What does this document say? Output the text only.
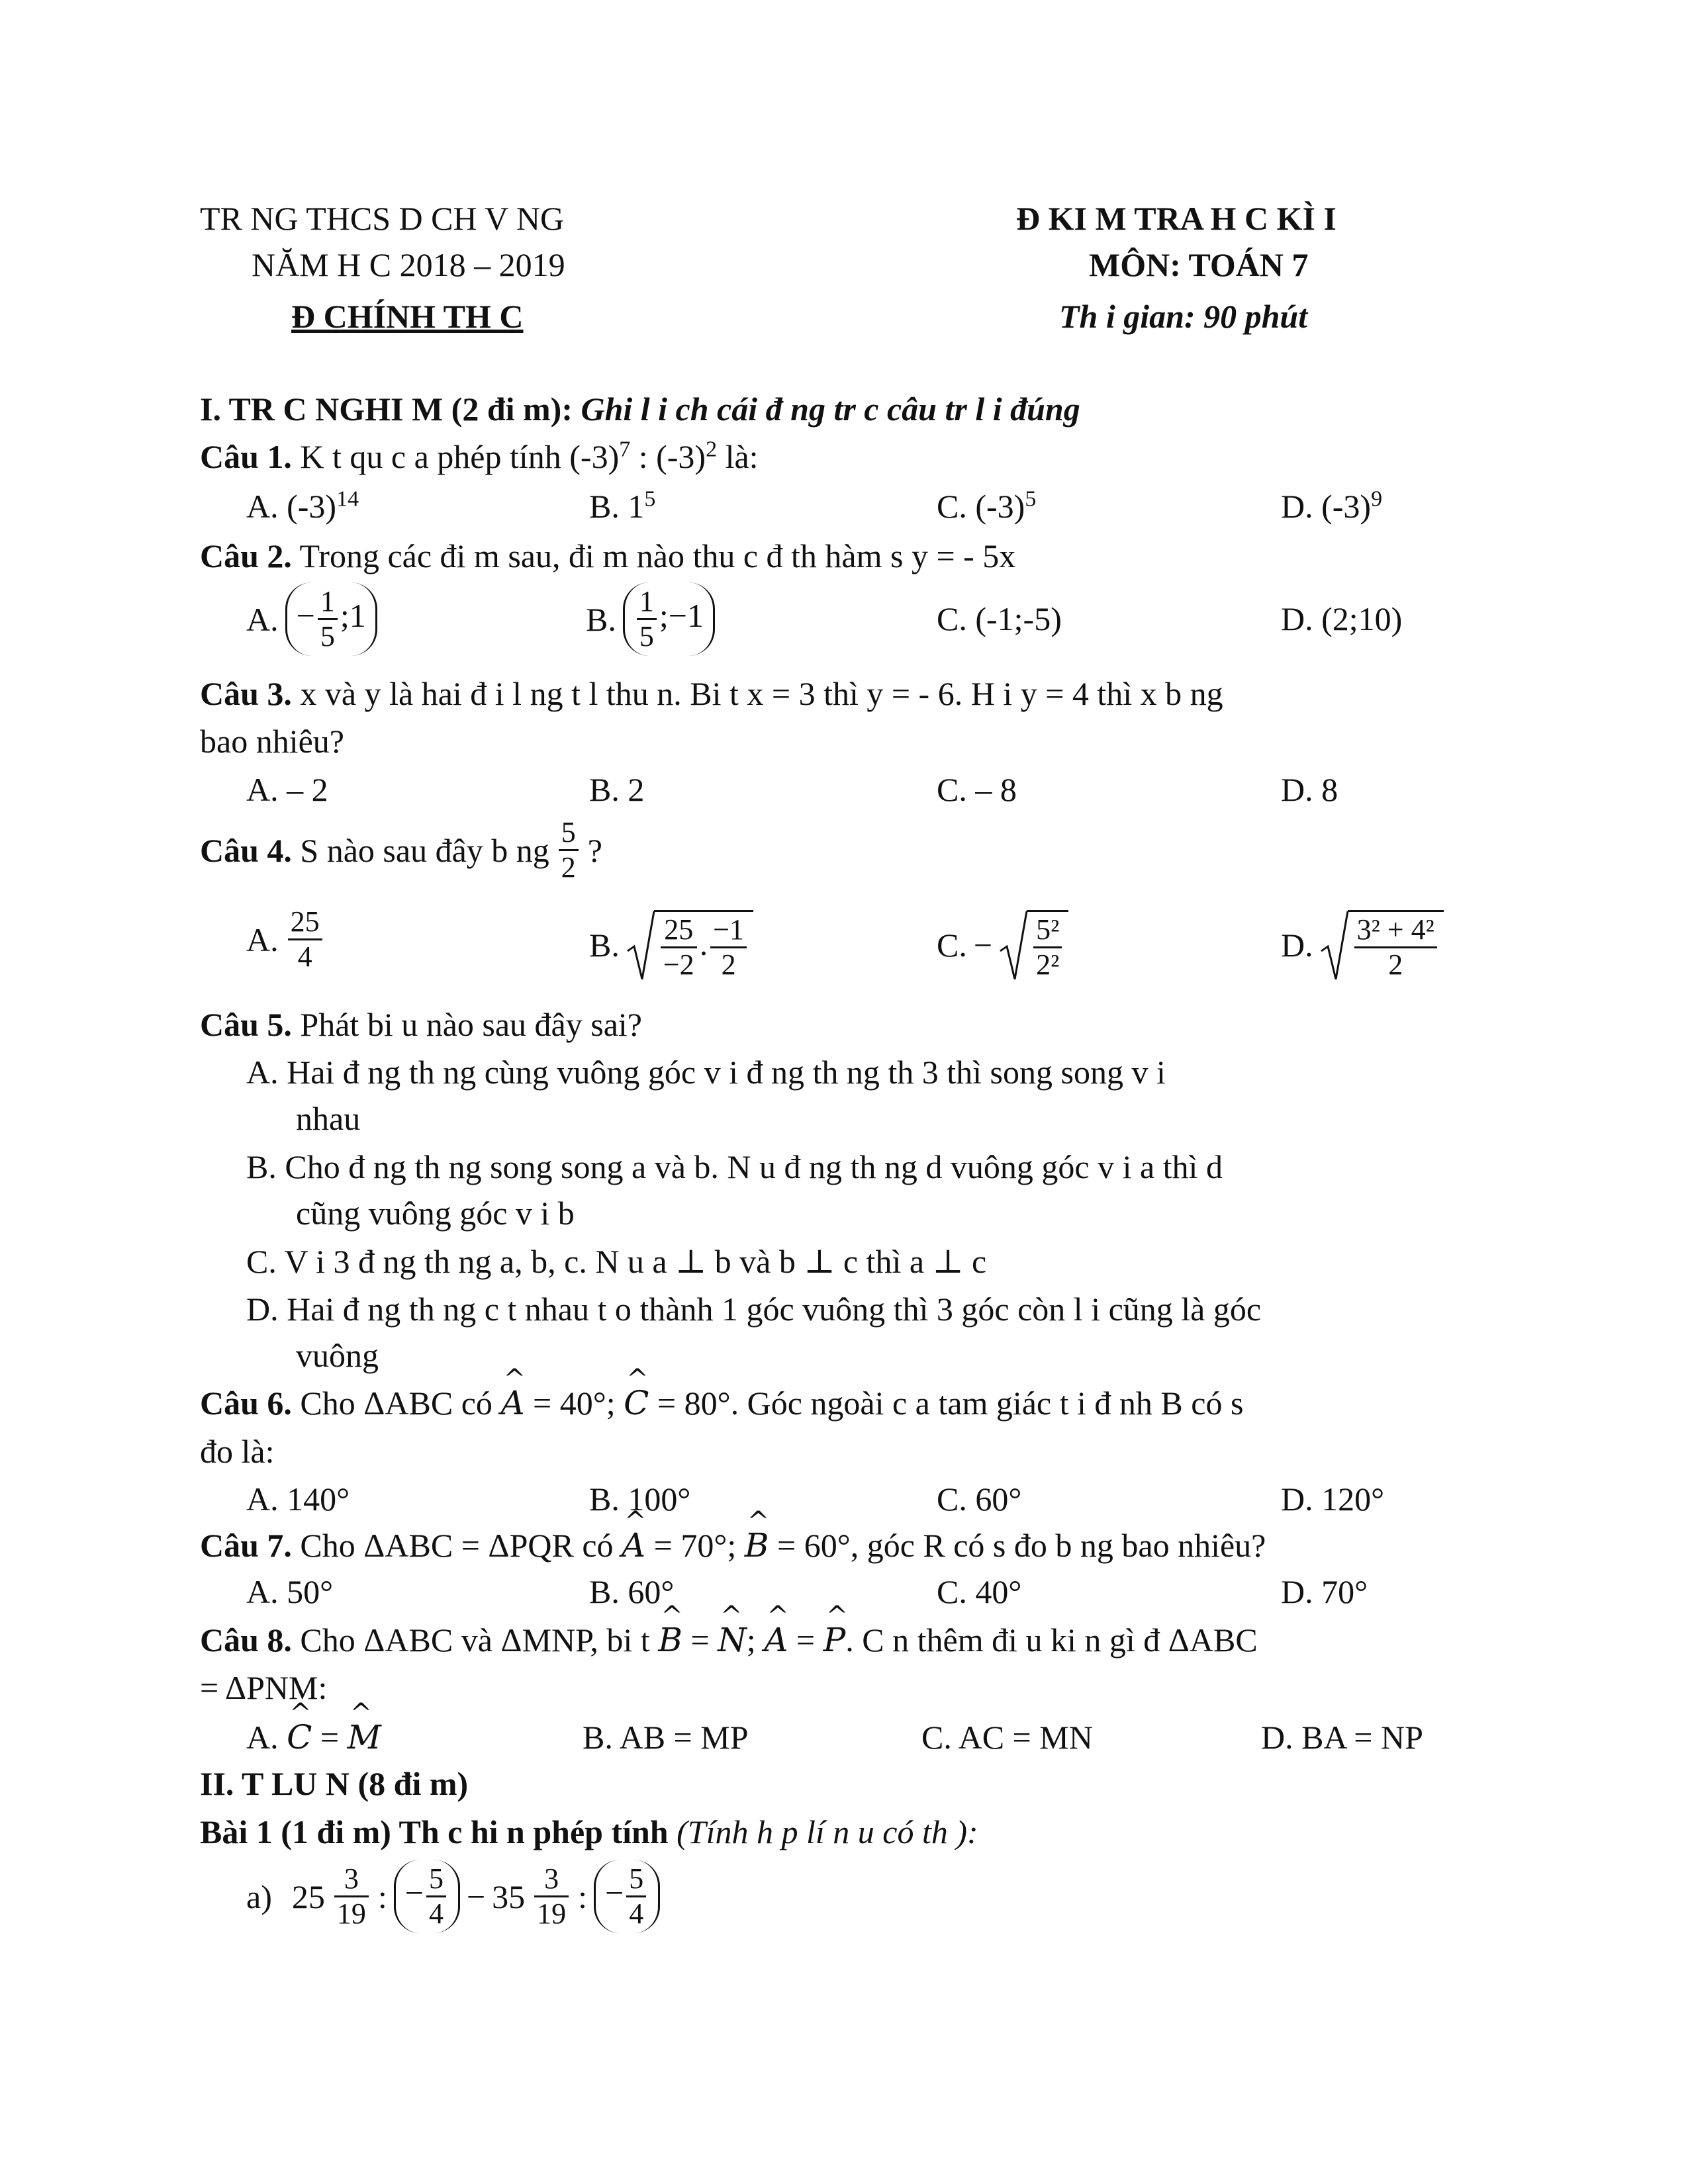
TR NG THCS D CH V NG
NĂM H C 2018 – 2019
Đ CHÍNH TH C
Đ KI M TRA H C KÌ I
MÔN: TOÁN 7
Th i gian: 90 phút
I. TR C NGHI M (2 đi m): Ghi l i ch cái đ ng tr c câu tr l i đúng
Câu 1. K t qu c a phép tính $(-3)^7$ : $(-3)^2$ là:
A. $(-3)^{14}$	B. $1^5$	C. $(-3)^5$	D. $(-3)^9$
Câu 2. Trong các đi m sau, đi m nào thu c đ th hàm s y = - 5x
A. − $\frac{1}{5}$ ;1	B. $\frac{1}{5}$ ;−1	C. (-1;-5)	D. (2;10)
Câu 3. x và y là hai đ i l ng t l thu n. Bi t x = 3 thì y = - 6. H i y = 4 thì x b ng
bao nhiêu?
A. – 2	B. 2	C. – 8	D. 8
Câu 4. S nào sau đây b ng $\frac{5}{2}$ ?
A. $\frac{25}{4}$	B. $\frac{25}{-2}$ . $\frac{-1}{2}$	C. − $\frac{\text{5²}}{\text{2²}}$	D. $\frac{\text{3² + 4²}}{2}$
Câu 5. Phát bi u nào sau đây sai?
A. Hai đ ng th ng cùng vuông góc v i đ ng th ng th 3 thì song song v i
nhau
B. Cho đ ng th ng song song a và b. N u đ ng th ng d vuông góc v i a thì d
cũng vuông góc v i b
C. V i 3 đ ng th ng a, b, c. N u a ⊥ b và b ⊥ c thì a ⊥ c
D. Hai đ ng th ng c t nhau t o thành 1 góc vuông thì 3 góc còn l i cũng là góc
vuông
Câu 6. Cho ΔABC có ^ A = 40°; ^ C = 80°. Góc ngoài c a tam giác t i đ nh B có s
đo là:
A. 140°	B. 100°	C. 60°	D. 120°
Câu 7. Cho ΔABC = ΔPQR có ^ A = 70°; ^ B = 60°, góc R có s đo b ng bao nhiêu?
A. 50°	B. 60°	C. 40°	D. 70°
Câu 8. Cho ΔABC và ΔMNP, bi t ^ B = ^ N; ^ A = ^ P. C n thêm đi u ki n gì đ ΔABC
= ΔPNM:
A. ^ C = ^ M	B. AB = MP	C. AC = MN	D. BA = NP
II. T LU N (8 đi m)
Bài 1 (1 đi m) Th c hi n phép tính (Tính h p lí n u có th ):
a) $25 \frac{3}{19}$ : − $\frac{5}{4} - 35 \frac{3}{19}$ : − $\frac{5}{4}$
